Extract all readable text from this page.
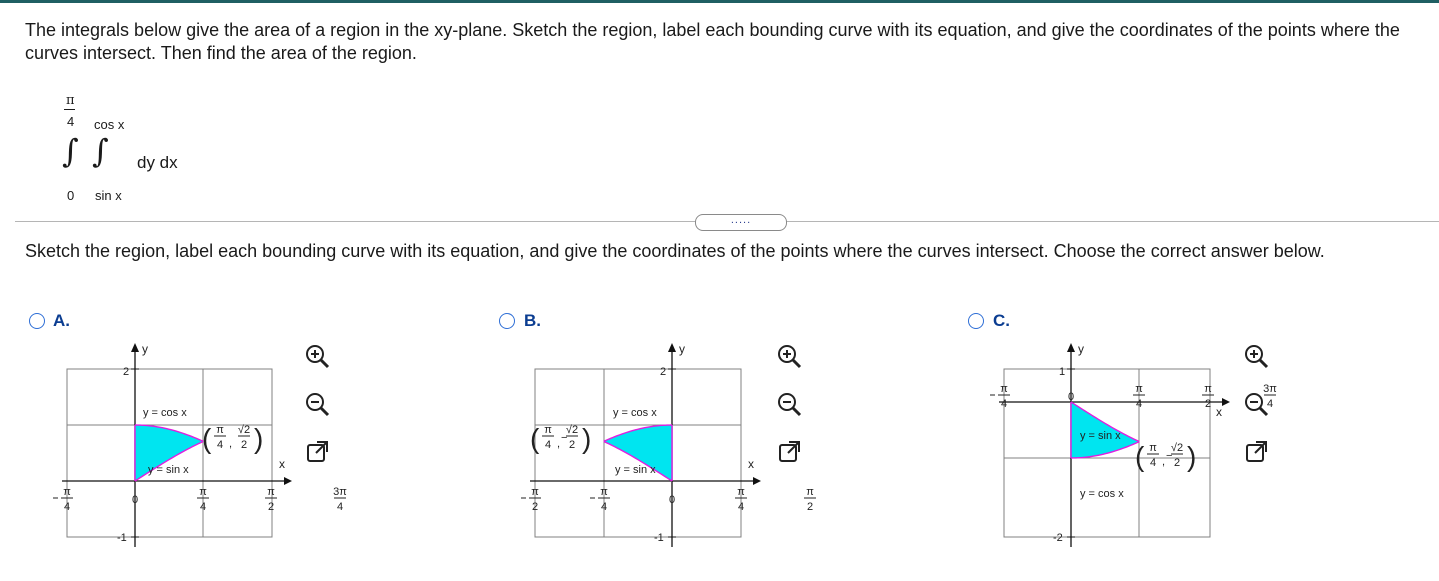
The integrals below give the area of a region in the xy-plane. Sketch the region, label each bounding curve with its equation, and give the coordinates of the points where the curves intersect. Then find the area of the region.
π
4 cos x
∫ ∫ dy dx
0 sin x
.....
Sketch the region, label each bounding curve with its equation, and give the coordinates of the points where the curves intersect. Choose the correct answer below.
A.
y
x
2
-1
π
4
0
π
4
π
2
3π
4
y = cos x
y = sin x
( π
4 ,
√2
2 )
B.
y
x
2
-1
π
2
π
4
0
π
4
π
2
y = cos x
y = sin x
( π
4 , −
√2
2 )
C.
y
x
1
-2
π
4
0
π
4
π
2
3π
4
y = sin x
y = cos x
( π
4 , −
√2
2 )
